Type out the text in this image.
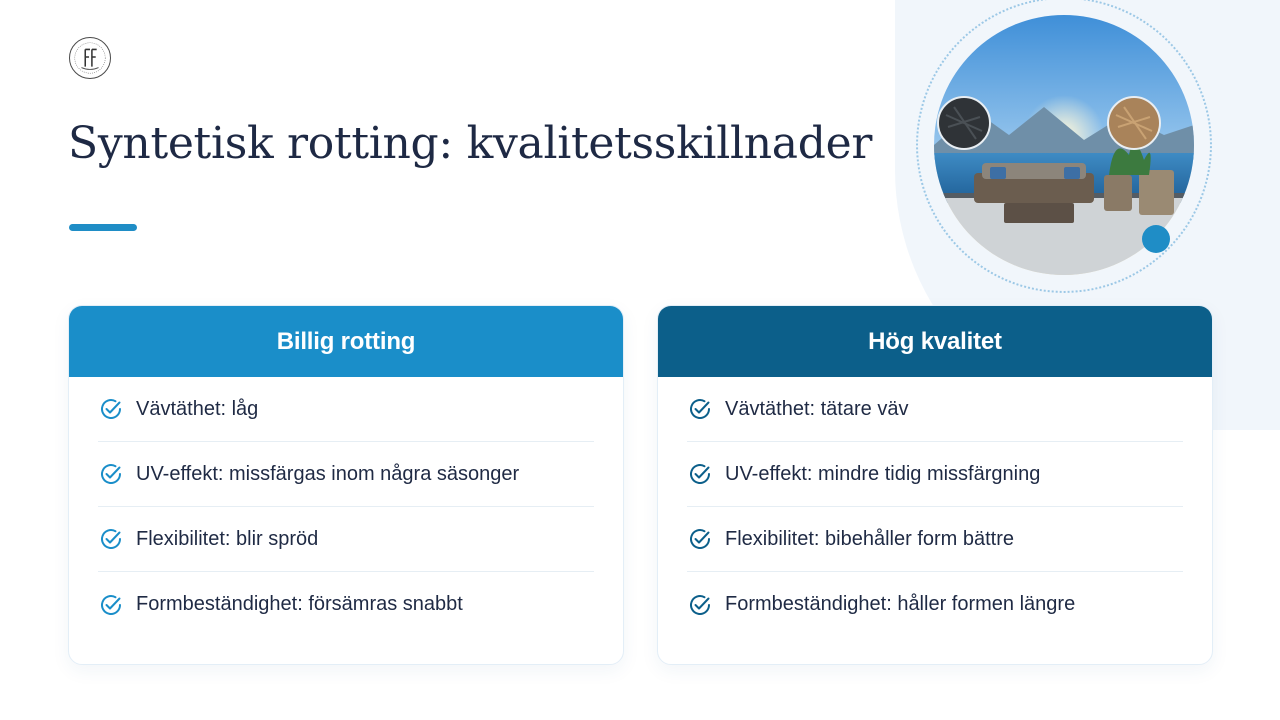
Syntetisk rotting: kvalitetsskillnader
Billig rotting
Vävtäthet: låg
UV-effekt: missfärgas inom några säsonger
Flexibilitet: blir spröd
Formbeständighet: försämras snabbt
Hög kvalitet
Vävtäthet: tätare väv
UV-effekt: mindre tidig missfärgning
Flexibilitet: bibehåller form bättre
Formbeständighet: håller formen längre
